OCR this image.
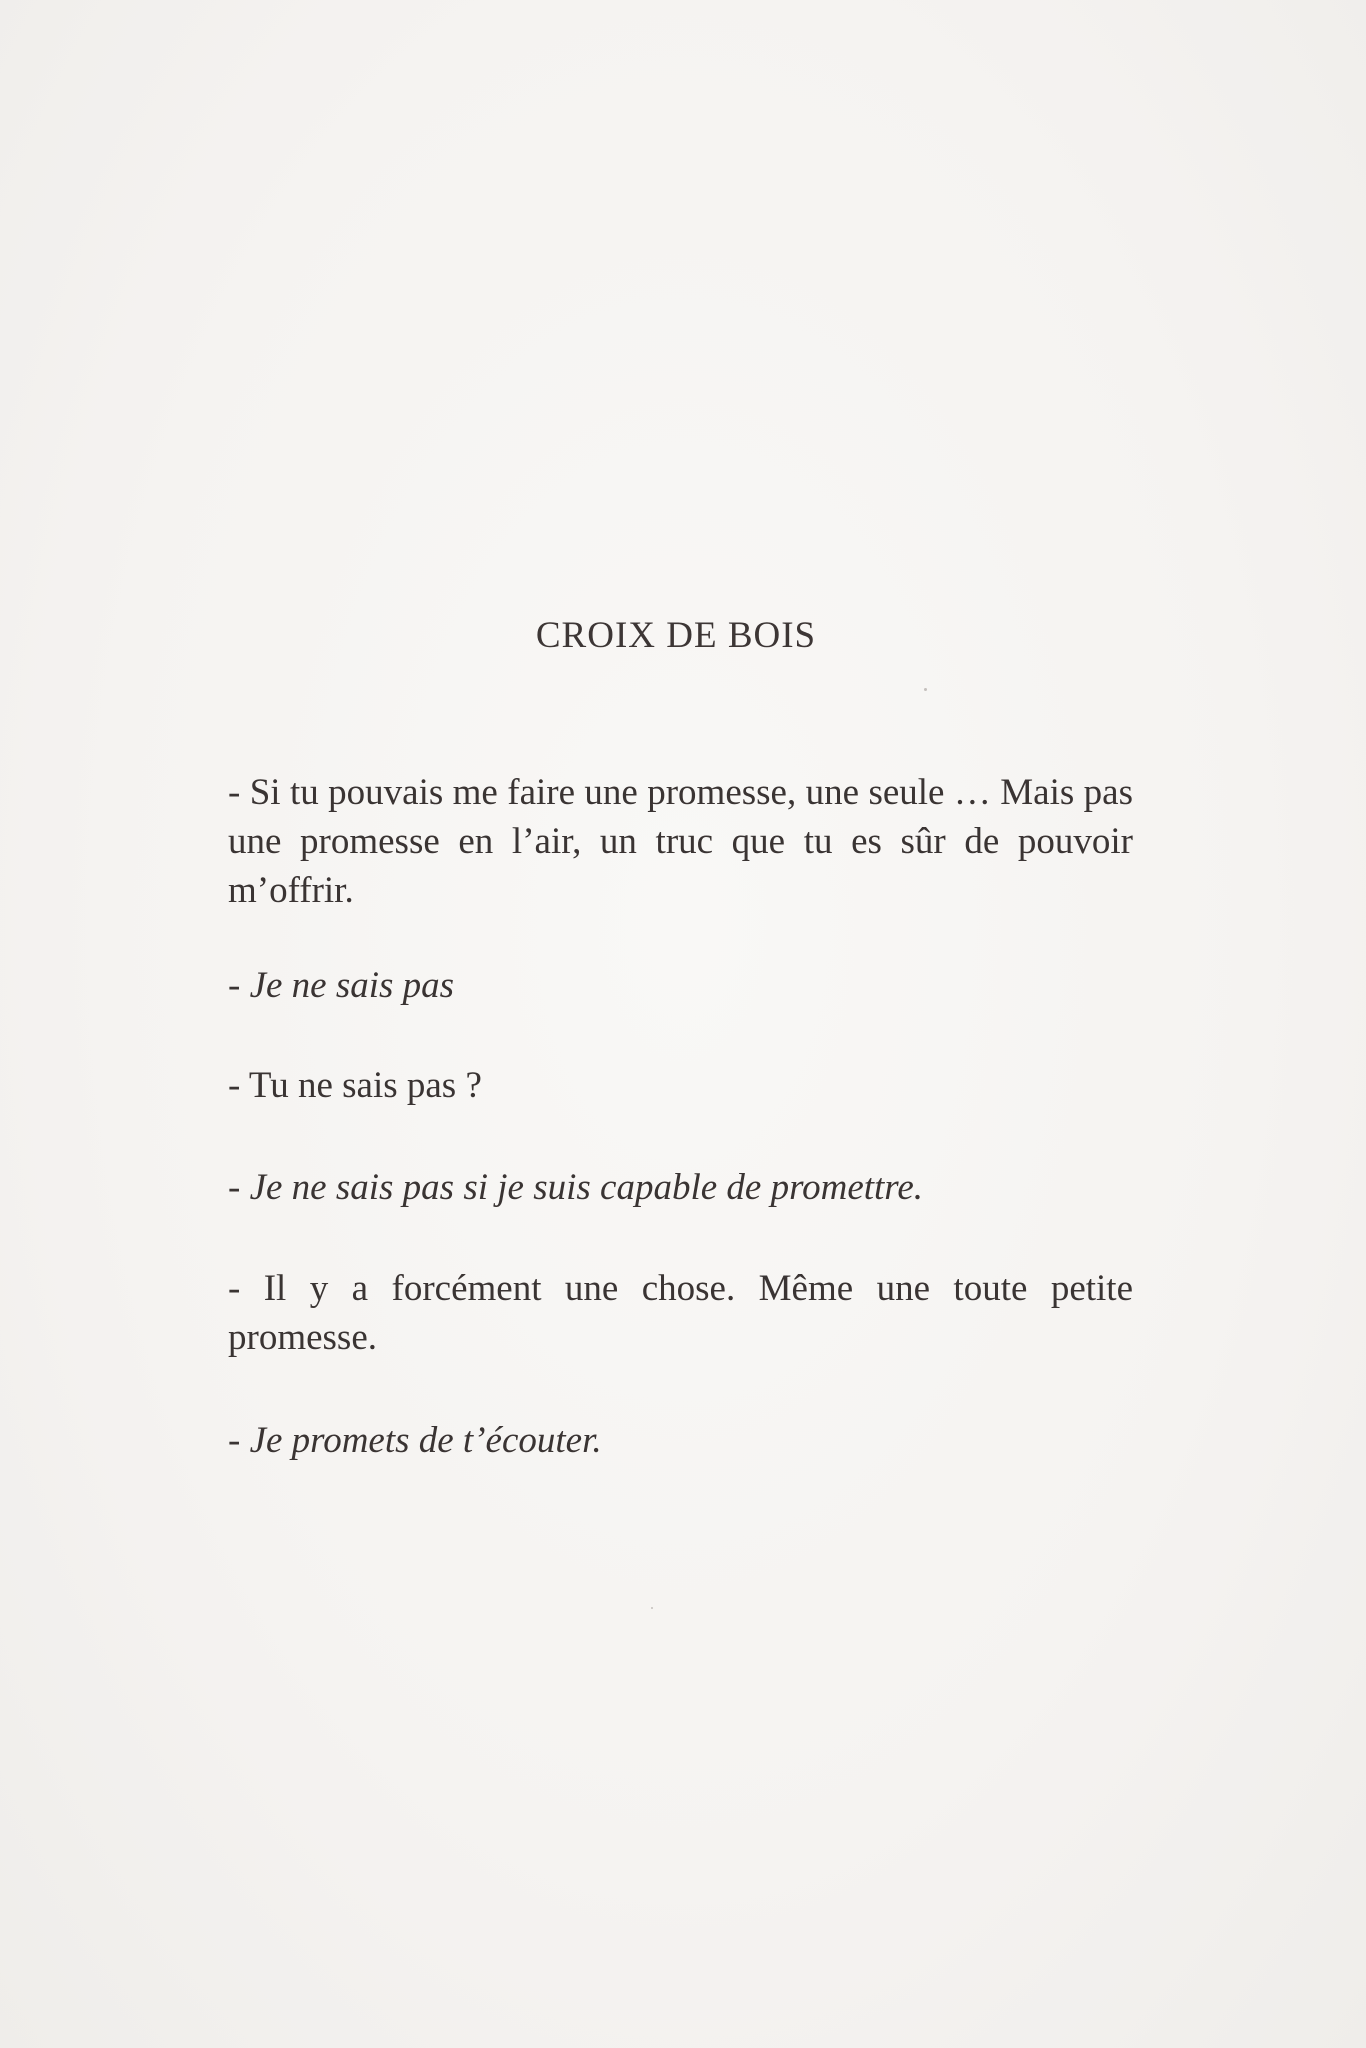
CROIX DE BOIS

- Si tu pouvais me faire une promesse, une seule … Mais pas une promesse en l’air, un truc que tu es sûr de pouvoir m’offrir.

- Je ne sais pas

- Tu ne sais pas ?

- Je ne sais pas si je suis capable de promettre.

- Il y a forcément une chose. Même une toute petite promesse.

- Je promets de t’écouter.
